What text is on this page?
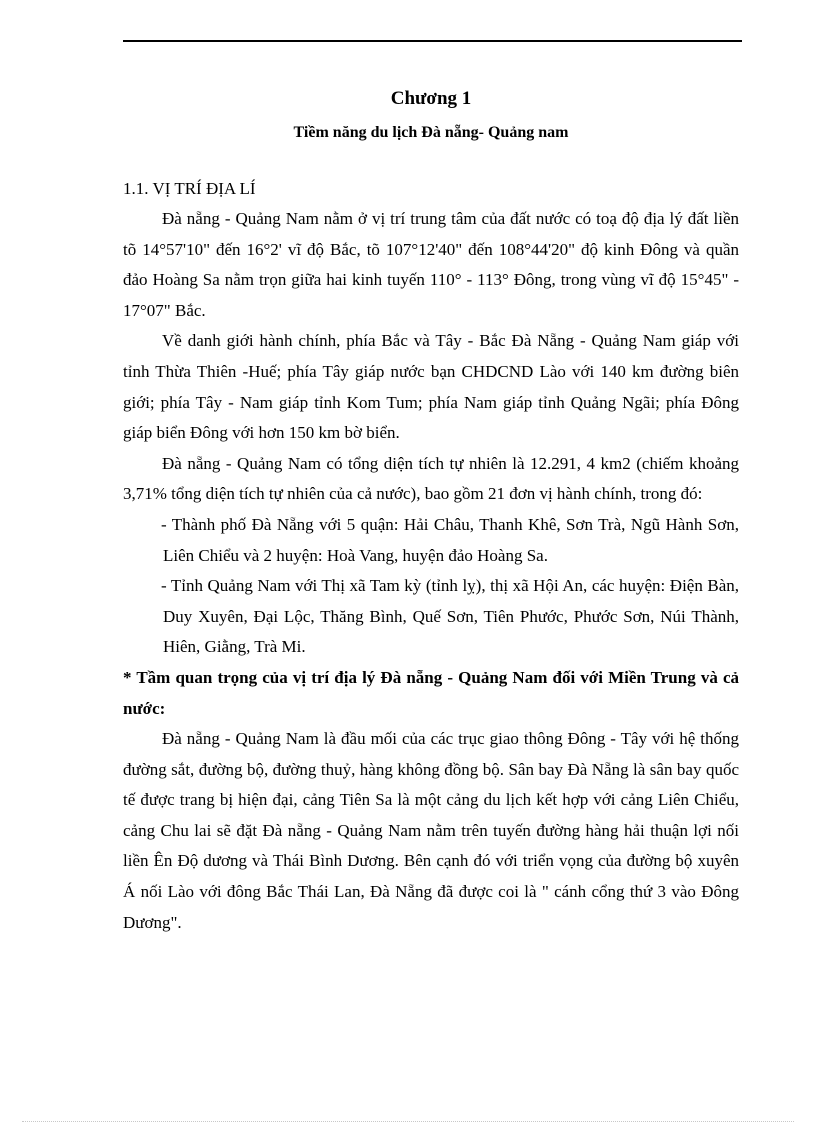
Chương 1
Tiềm năng du lịch Đà nẵng- Quảng nam
1.1. VỊ TRÍ ĐỊA LÍ

Đà nẵng - Quảng Nam nằm ở vị trí trung tâm của đất nước có toạ độ địa lý đất liền tõ 14°57'10" đến 16°2' vĩ độ Bắc, tõ 107°12'40" đến 108°44'20" độ kinh Đông và quần đảo Hoàng Sa nằm trọn giữa hai kinh tuyến 110° - 113° Đông, trong vùng vĩ độ 15°45" - 17°07" Bắc.

Về danh giới hành chính, phía Bắc và Tây - Bắc Đà Nẵng - Quảng Nam giáp với tỉnh Thừa Thiên -Huế; phía Tây giáp nước bạn CHDCND Lào với 140 km đường biên giới; phía Tây - Nam giáp tỉnh Kom Tum; phía Nam giáp tỉnh Quảng Ngãi; phía Đông giáp biển Đông với hơn 150 km bờ biển.

Đà nẵng - Quảng Nam có tổng diện tích tự nhiên là 12.291, 4 km2 (chiếm khoảng 3,71% tổng diện tích tự nhiên của cả nước), bao gồm 21 đơn vị hành chính, trong đó:

- Thành phố Đà Nẵng với 5 quận: Hải Châu, Thanh Khê, Sơn Trà, Ngũ Hành Sơn, Liên Chiểu và 2 huyện: Hoà Vang, huyện đảo Hoàng Sa.

- Tỉnh Quảng Nam với Thị xã Tam kỳ (tỉnh lỵ), thị xã Hội An, các huyện: Điện Bàn, Duy Xuyên, Đại Lộc, Thăng Bình, Quế Sơn, Tiên Phước, Phước Sơn, Núi Thành, Hiên, Giằng, Trà Mi.

* Tầm quan trọng của vị trí địa lý Đà nẵng - Quảng Nam đối với Miền Trung và cả nước:

Đà nẵng - Quảng Nam là đầu mối của các trục giao thông Đông - Tây với hệ thống đường sắt, đường bộ, đường thuỷ, hàng không đồng bộ. Sân bay Đà Nẵng là sân bay quốc tế được trang bị hiện đại, cảng Tiên Sa là một cảng du lịch kết hợp với cảng Liên Chiểu, cảng Chu lai sẽ đặt Đà nẵng - Quảng Nam nằm trên tuyến đường hàng hải thuận lợi nối liền Ên Độ dương và Thái Bình Dương. Bên cạnh đó với triển vọng của đường bộ xuyên Á nối Lào với đông Bắc Thái Lan, Đà Nẵng đã được coi là " cánh cổng thứ 3 vào Đông Dương".
